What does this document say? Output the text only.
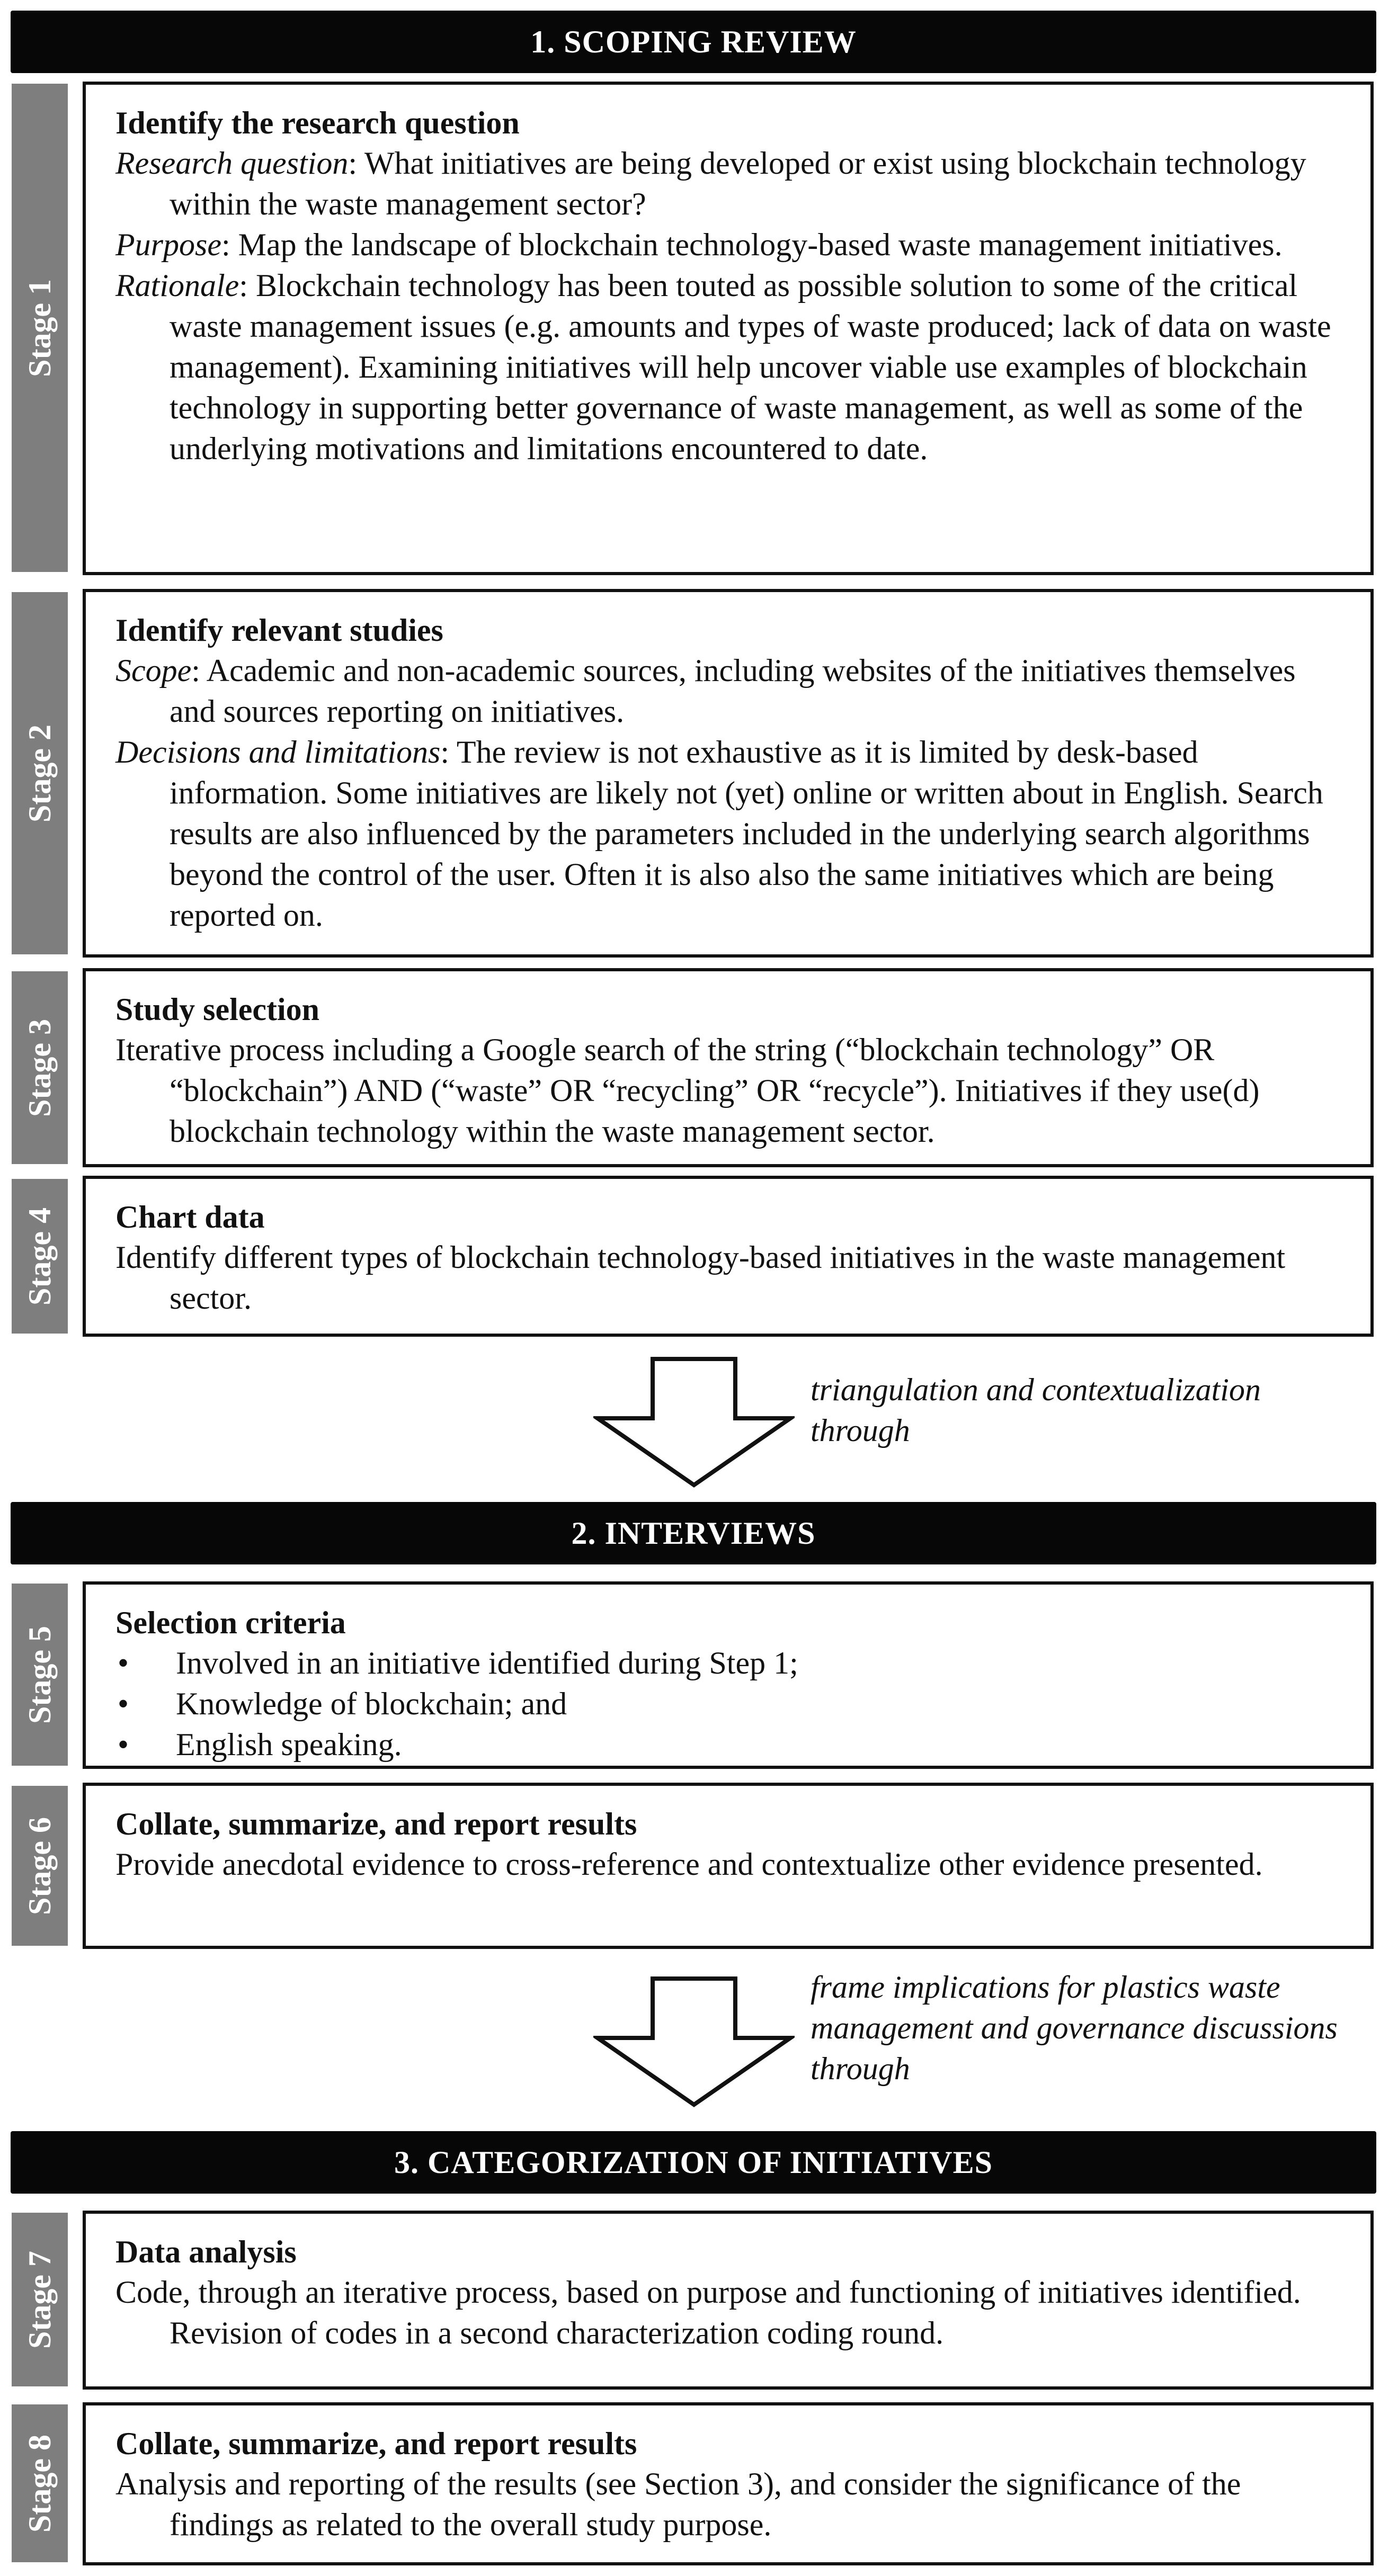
1. SCOPING REVIEW
Stage 1
Identify the research question

Research question: What initiatives are being developed or exist using blockchain technology within the waste management sector?

Purpose: Map the landscape of blockchain technology-based waste management initiatives.

Rationale: Blockchain technology has been touted as possible solution to some of the critical waste management issues (e.g. amounts and types of waste produced; lack of data on waste management). Examining initiatives will help uncover viable use examples of blockchain technology in supporting better governance of waste management, as well as some of the underlying motivations and limitations encountered to date.

Stage 2
Identify relevant studies

Scope: Academic and non-academic sources, including websites of the initiatives themselves and sources reporting on initiatives.

Decisions and limitations: The review is not exhaustive as it is limited by desk-based information. Some initiatives are likely not (yet) online or written about in English. Search results are also influenced by the parameters included in the underlying search algorithms beyond the control of the user. Often it is also also the same initiatives which are being reported on.

Stage 3
Study selection

Iterative process including a Google search of the string (“blockchain technology” OR “blockchain”) AND (“waste” OR “recycling” OR “recycle”). Initiatives if they use(d) blockchain technology within the waste management sector.

Stage 4 Chart data

Identify different types of blockchain technology-based initiatives in the waste management sector.

triangulation and contextualization through
2. INTERVIEWS
Stage 5
Selection criteria
•	Involved in an initiative identified during Step 1;
•	Knowledge of blockchain; and
•	English speaking.
Stage 6 Collate, summarize, and report results

Provide anecdotal evidence to cross-reference and contextualize other evidence presented.

frame implications for plastics waste management and governance discussions through
3. CATEGORIZATION OF INITIATIVES
Stage 7 Data analysis

Code, through an iterative process, based on purpose and functioning of initiatives identified. Revision of codes in a second characterization coding round.

Stage 8 Collate, summarize, and report results

Analysis and reporting of the results (see Section 3), and consider the significance of the findings as related to the overall study purpose.
